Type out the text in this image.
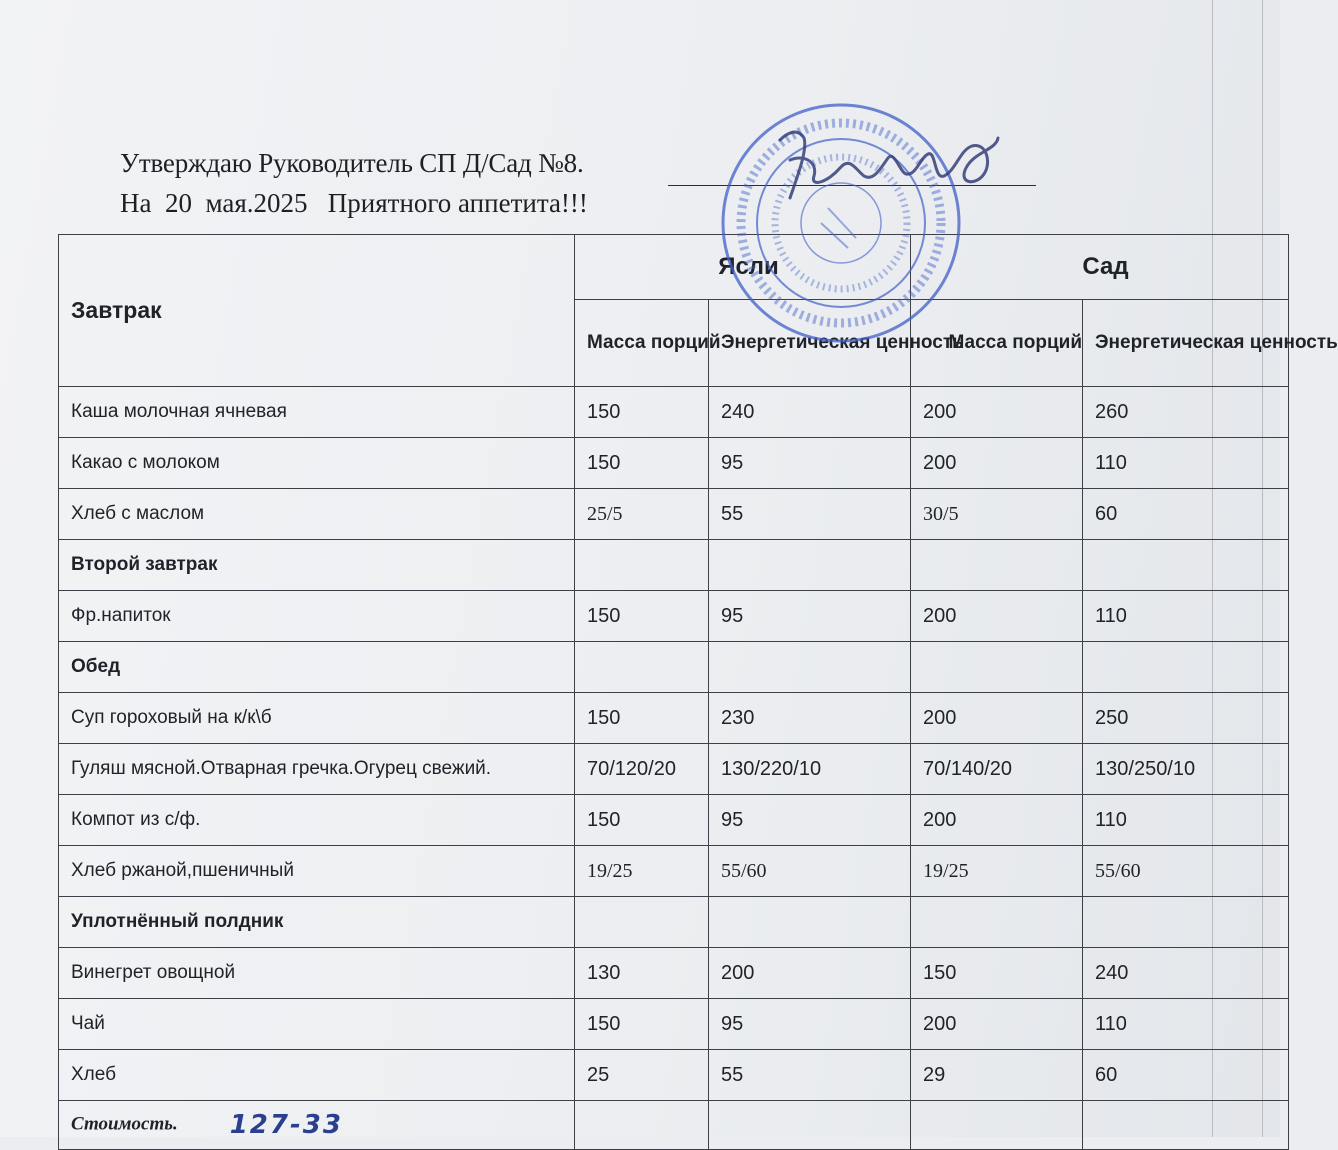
Утверждаю Руководитель СП Д/Сад №8.
На  20  мая.2025   Приятного аппетита!!!
Завтрак	Ясли		Сад	
	Масса порций	Энергетическая ценность	Масса порций	Энергетическая ценность
Каша молочная ячневая	150	240	200	260
Какао с молоком	150	95	200	110
Хлеб с маслом	25/5	55	30/5	60
Второй завтрак				
Фр.напиток	150	95	200	110
Обед				
Суп гороховый на к/к\б	150	230	200	250
Гуляш мясной.Отварная гречка.Огурец свежий.	70/120/20	130/220/10	70/140/20	130/250/10
Компот из с/ф.	150	95	200	110
Хлеб ржаной,пшеничный	19/25	55/60	19/25	55/60
Уплотнённый полдник				
Винегрет овощной	130	200	150	240
Чай	150	95	200	110
Хлеб	25	55	29	60
Стоимость. 127-33				
